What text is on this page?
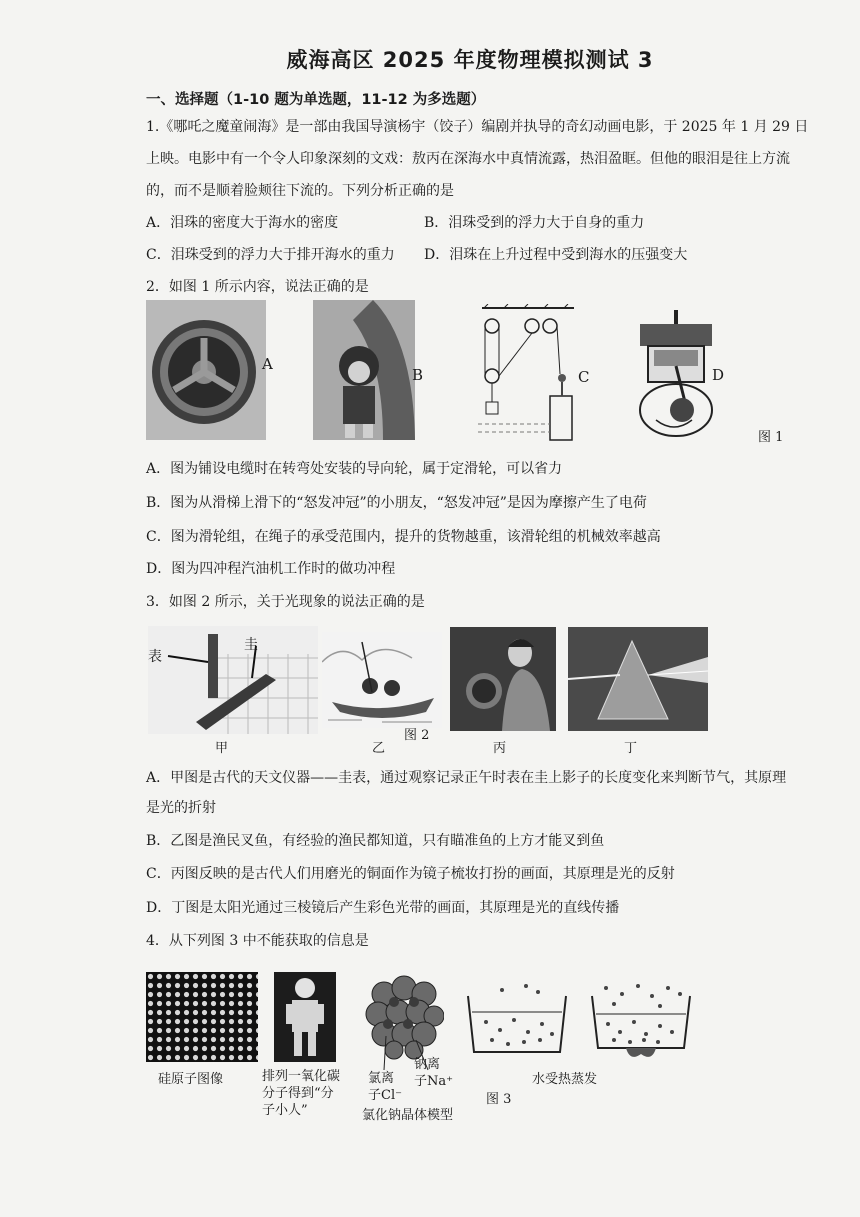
威海高区 2025 年度物理模拟测试 3
一、选择题（1-10 题为单选题，11-12 为多选题）
1.《哪吒之魔童闹海》是一部由我国导演杨宇（饺子）编剧并执导的奇幻动画电影，于 2025 年 1 月 29 日
上映。电影中有一个令人印象深刻的文戏：敖丙在深海水中真情流露，热泪盈眶。但他的眼泪是往上方流
的，而不是顺着脸颊往下流的。下列分析正确的是
A．泪珠的密度大于海水的密度	B．泪珠受到的浮力大于自身的重力
C．泪珠受到的浮力大于排开海水的重力 D．泪珠在上升过程中受到海水的压强变大
2．如图 1 所示内容，说法正确的是
A
B	C	D
图 1
A．图为铺设电缆时在转弯处安装的导向轮，属于定滑轮，可以省力
B．图为从滑梯上滑下的“怒发冲冠”的小朋友，“怒发冲冠”是因为摩擦产生了电荷
C．图为滑轮组，在绳子的承受范围内，提升的货物越重，该滑轮组的机械效率越高
D．图为四冲程汽油机工作时的做功冲程
3．如图 2 所示，关于光现象的说法正确的是
表
圭
图 2
甲	乙	丙	丁
A．甲图是古代的天文仪器——圭表，通过观察记录正午时表在圭上影子的长度变化来判断节气，其原理
是光的折射
B．乙图是渔民叉鱼，有经验的渔民都知道，只有瞄准鱼的上方才能叉到鱼
C．丙图反映的是古代人们用磨光的铜面作为镜子梳妆打扮的画面，其原理是光的反射
D．丁图是太阳光通过三棱镜后产生彩色光带的画面，其原理是光的直线传播
4．从下列图 3 中不能获取的信息是
硅原子图像	排列一氧化碳
分子得到“分
子小人”
氯离
子Cl⁻
钠离
子Na⁺
氯化钠晶体模型
图 3
水受热蒸发
